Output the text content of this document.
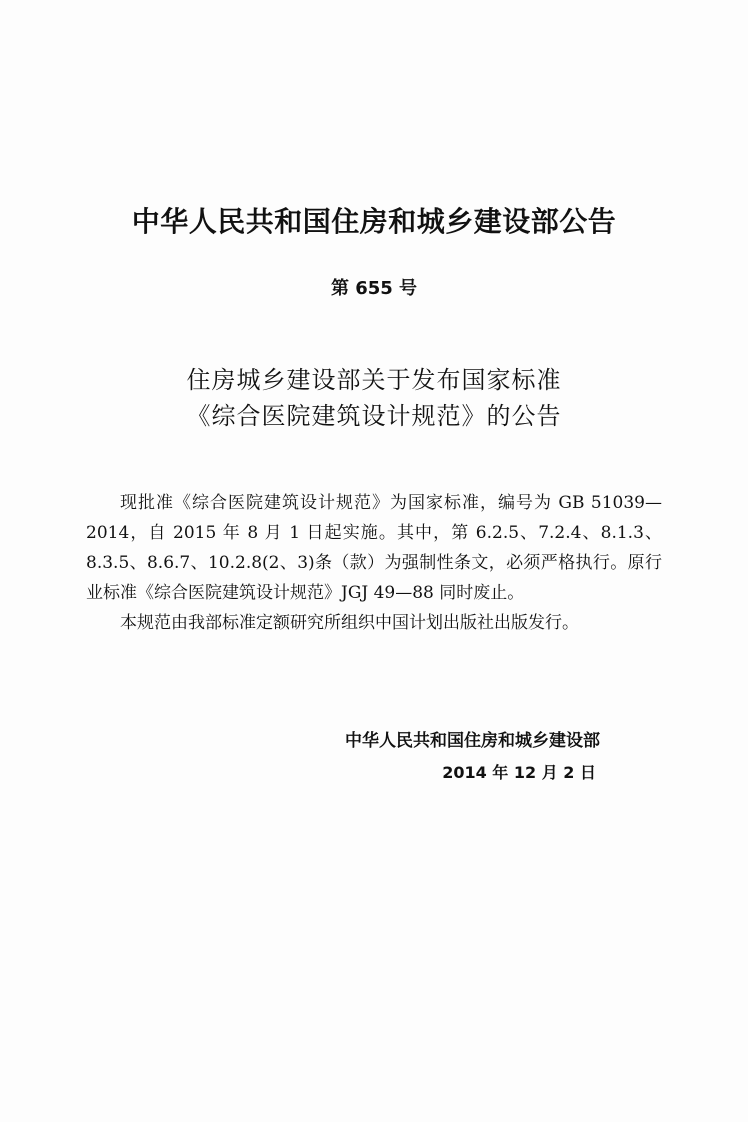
中华人民共和国住房和城乡建设部公告
第 655 号
住房城乡建设部关于发布国家标准
《综合医院建筑设计规范》的公告

现批准《综合医院建筑设计规范》为国家标准，编号为 GB 51039—2014，自 2015 年 8 月 1 日起实施。其中，第 6.2.5、7.2.4、8.1.3、8.3.5、8.6.7、10.2.8(2、3)条（款）为强制性条文，必须严格执行。原行业标准《综合医院建筑设计规范》JGJ 49—88 同时废止。

本规范由我部标准定额研究所组织中国计划出版社出版发行。

中华人民共和国住房和城乡建设部
2014 年 12 月 2 日
